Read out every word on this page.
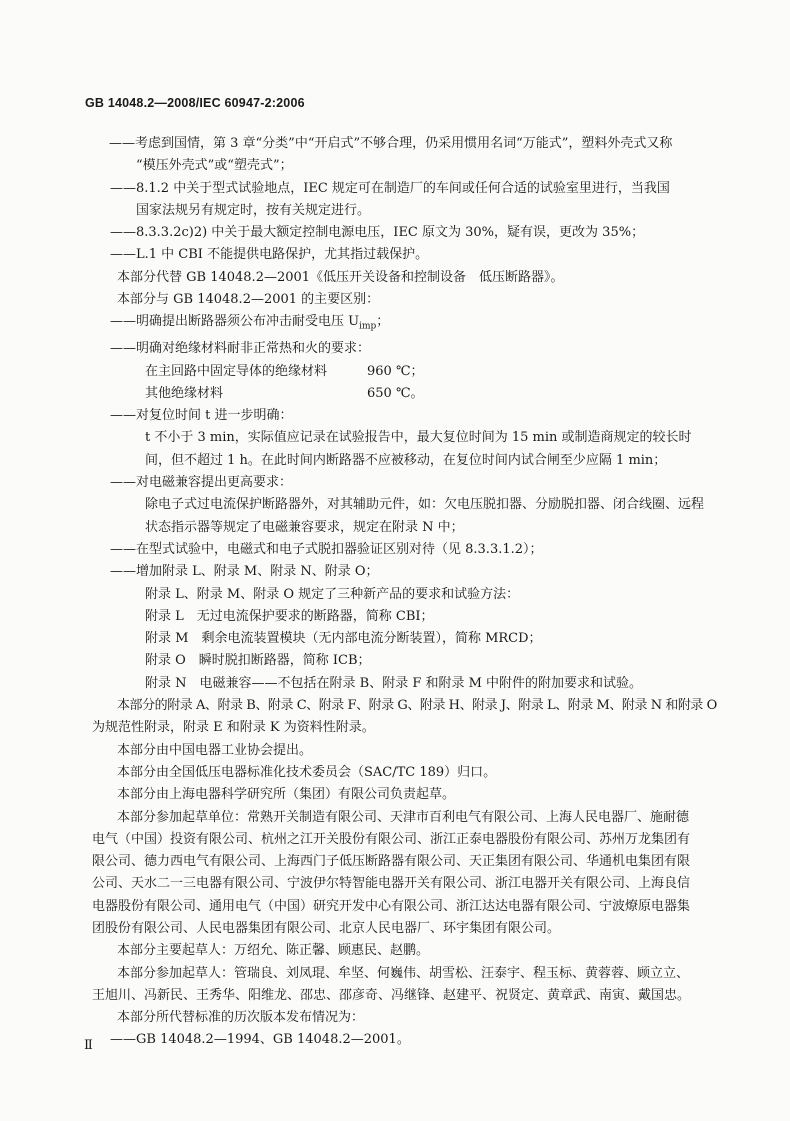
GB 14048.2—2008/IEC 60947-2:2006

——考虑到国情，第 3 章“分类”中“开启式”不够合理，仍采用惯用名词“万能式”，塑料外壳式又称

“模压外壳式”或“塑壳式”；

——8.1.2 中关于型式试验地点，IEC 规定可在制造厂的车间或任何合适的试验室里进行，当我国

国家法规另有规定时，按有关规定进行。

——8.3.3.2c)2) 中关于最大额定控制电源电压，IEC 原文为 30%，疑有误，更改为 35%；

——L.1 中 CBI 不能提供电路保护，尤其指过载保护。

本部分代替 GB 14048.2—2001《低压开关设备和控制设备　低压断路器》。

本部分与 GB 14048.2—2001 的主要区别：

——明确提出断路器须公布冲击耐受电压 $U_{imp}$；

——明确对绝缘材料耐非正常热和火的要求：

在主回路中固定导体的绝缘材料	960 ℃；

其他绝缘材料	650 ℃。

——对复位时间 t 进一步明确：

t 不小于 3 min，实际值应记录在试验报告中，最大复位时间为 15 min 或制造商规定的较长时

间，但不超过 1 h。在此时间内断路器不应被移动，在复位时间内试合闸至少应隔 1 min；

——对电磁兼容提出更高要求：

除电子式过电流保护断路器外，对其辅助元件，如：欠电压脱扣器、分励脱扣器、闭合线圈、远程

状态指示器等规定了电磁兼容要求，规定在附录 N 中；

——在型式试验中，电磁式和电子式脱扣器验证区别对待（见 8.3.3.1.2）；

——增加附录 L、附录 M、附录 N、附录 O；

附录 L、附录 M、附录 O 规定了三种新产品的要求和试验方法：

附录 L　无过电流保护要求的断路器，简称 CBI；

附录 M　剩余电流装置模块（无内部电流分断装置），简称 MRCD；

附录 O　瞬时脱扣断路器，简称 ICB；

附录 N　电磁兼容——不包括在附录 B、附录 F 和附录 M 中附件的附加要求和试验。

本部分的附录 A、附录 B、附录 C、附录 F、附录 G、附录 H、附录 J、附录 L、附录 M、附录 N 和附录 O

为规范性附录，附录 E 和附录 K 为资料性附录。

本部分由中国电器工业协会提出。

本部分由全国低压电器标准化技术委员会（SAC/TC 189）归口。

本部分由上海电器科学研究所（集团）有限公司负责起草。

本部分参加起草单位：常熟开关制造有限公司、天津市百利电气有限公司、上海人民电器厂、施耐德

电气（中国）投资有限公司、杭州之江开关股份有限公司、浙江正泰电器股份有限公司、苏州万龙集团有

限公司、德力西电气有限公司、上海西门子低压断路器有限公司、天正集团有限公司、华通机电集团有限

公司、天水二一三电器有限公司、宁波伊尔特智能电器开关有限公司、浙江电器开关有限公司、上海良信

电器股份有限公司、通用电气（中国）研究开发中心有限公司、浙江达达电器有限公司、宁波燎原电器集

团股份有限公司、人民电器集团有限公司、北京人民电器厂、环宇集团有限公司。

本部分主要起草人：万绍允、陈正馨、顾惠民、赵鹏。

本部分参加起草人：管瑞良、刘凤琨、牟坚、何巍伟、胡雪松、汪泰宇、程玉标、黄蓉蓉、顾立立、

王旭川、冯新民、王秀华、阳维龙、邵忠、邵彦奇、冯继锋、赵建平、祝贤定、黄章武、南寅、戴国忠。

本部分所代替标准的历次版本发布情况为：

——GB 14048.2—1994、GB 14048.2—2001。

Ⅱ
